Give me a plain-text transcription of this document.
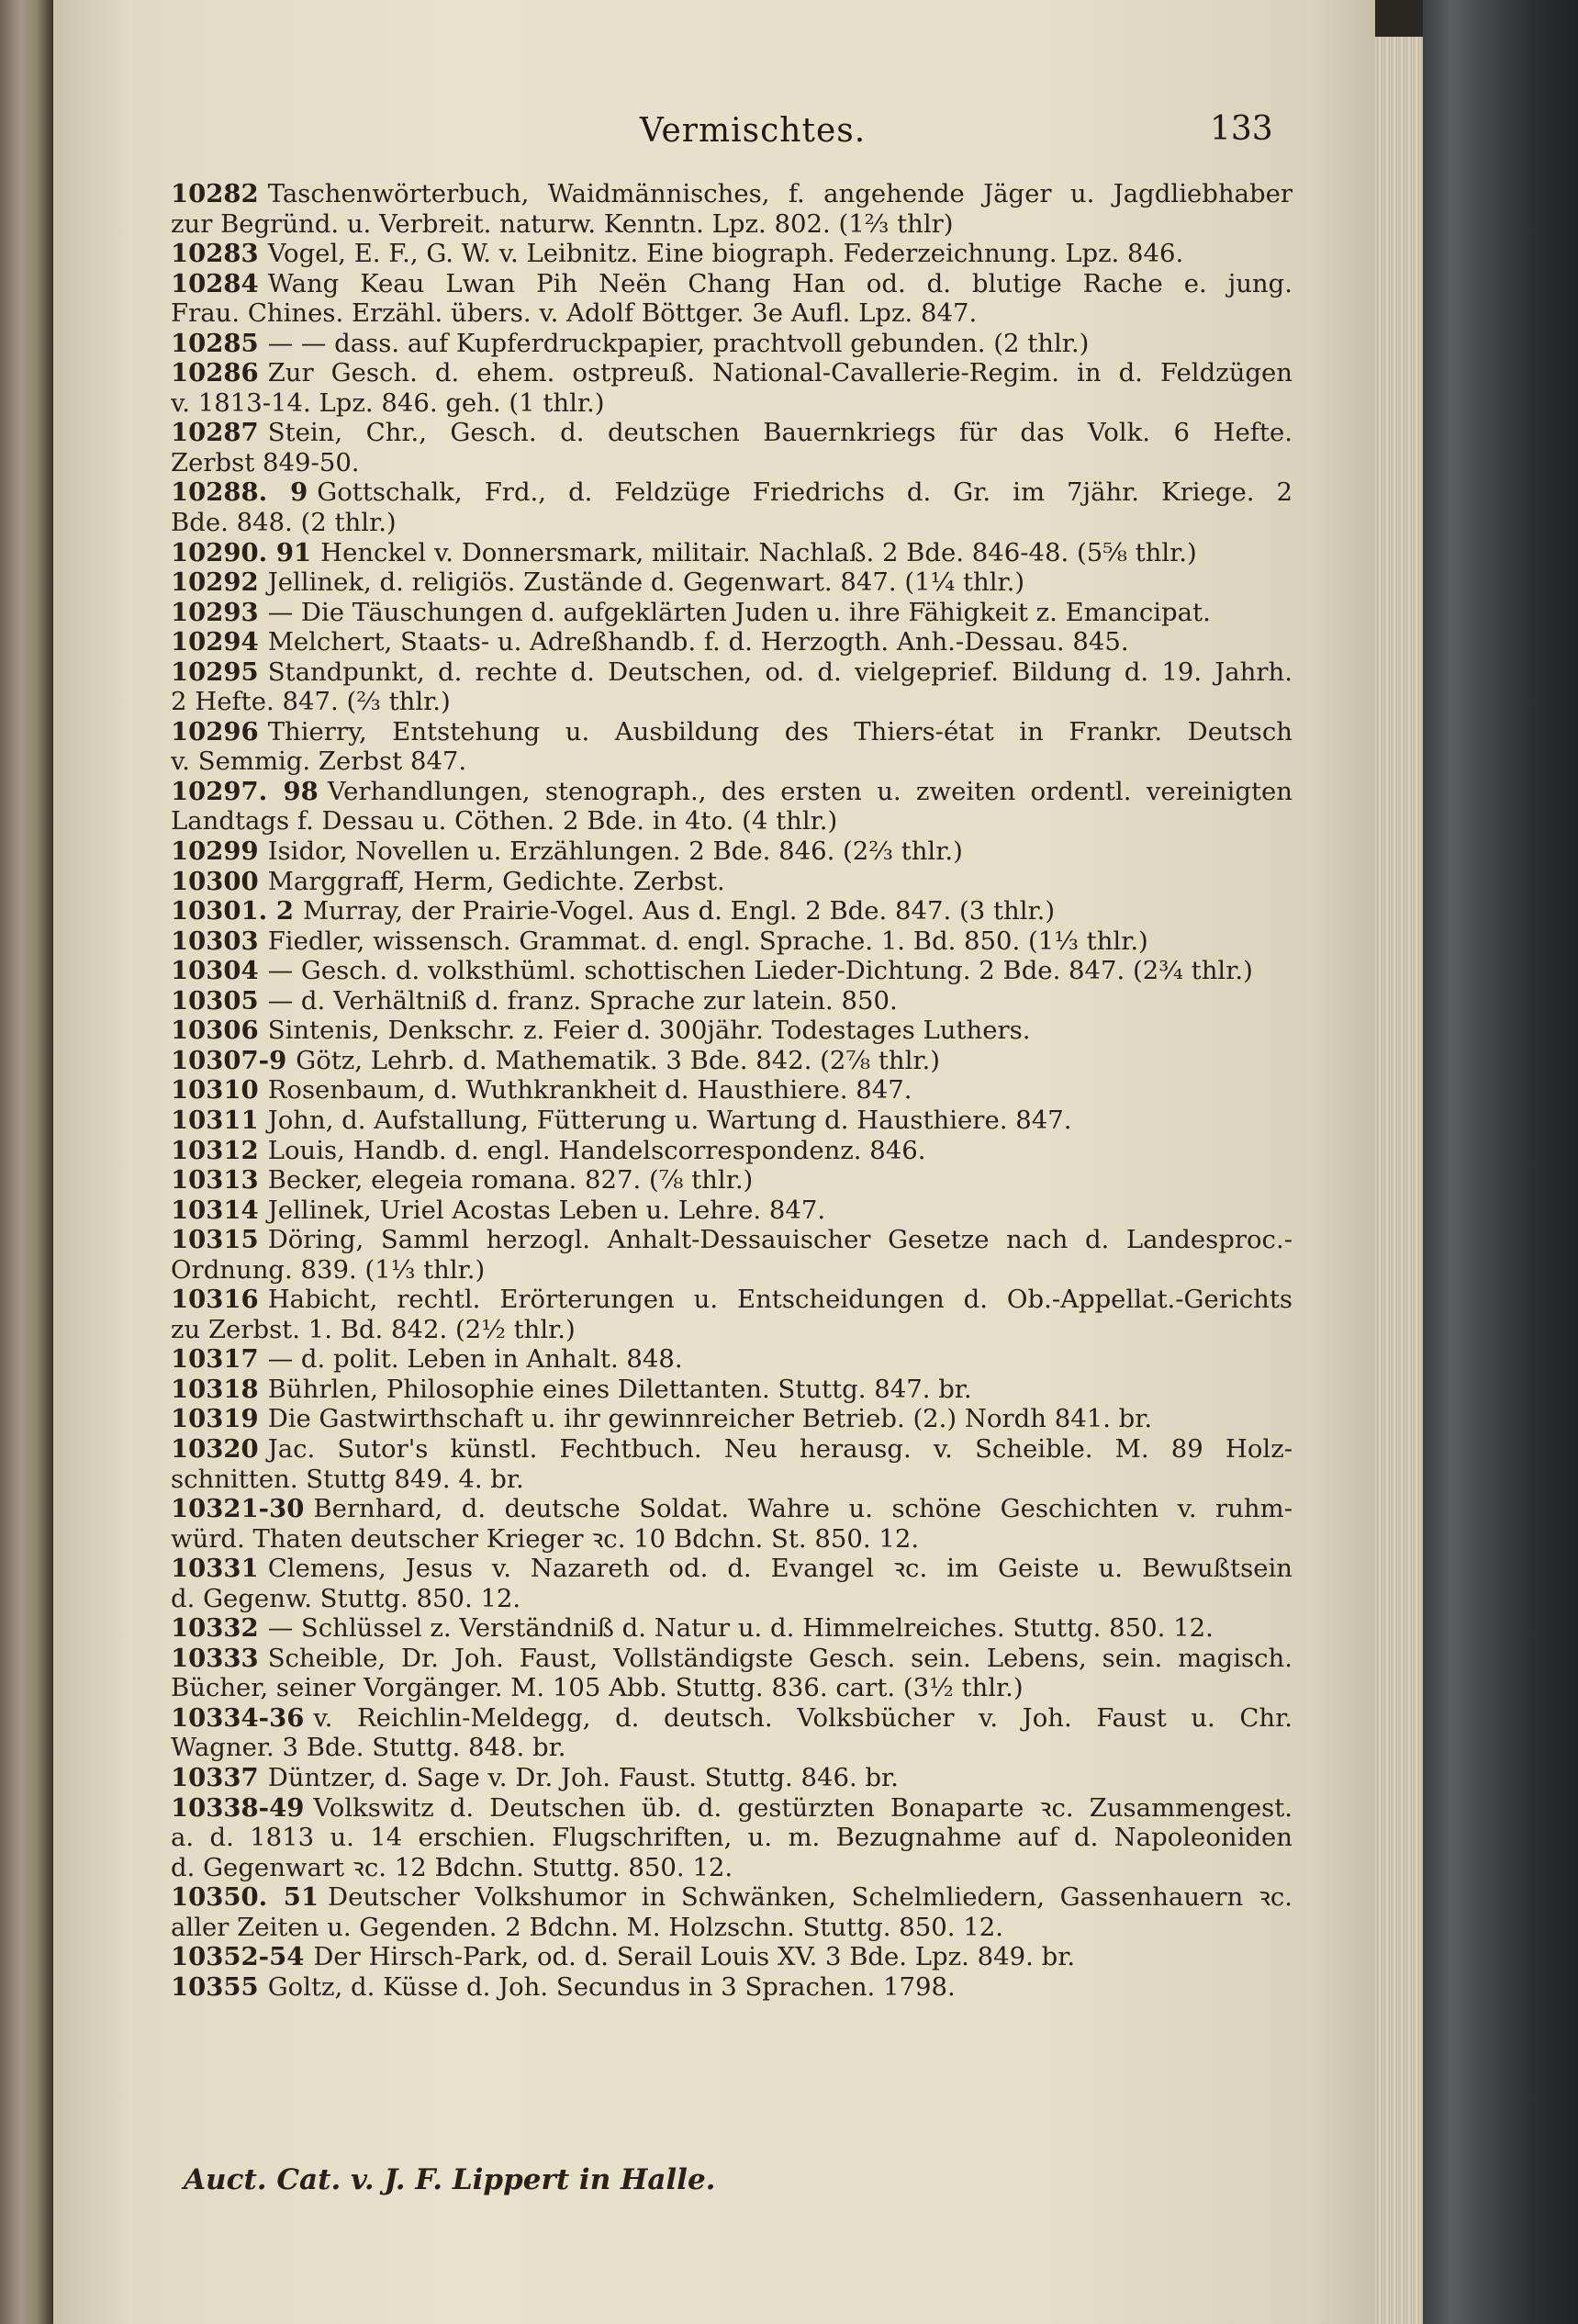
Vermischtes.	133
10282 Taschenwörterbuch, Waidmännisches, f. angehende Jäger u. Jagdliebhaber
zur Begründ. u. Verbreit. naturw. Kenntn. Lpz. 802. (1⅔ thlr)
10283 Vogel, E. F., G. W. v. Leibnitz. Eine biograph. Federzeichnung. Lpz. 846.
10284 Wang Keau Lwan Pih Neën Chang Han od. d. blutige Rache e. jung.
Frau. Chines. Erzähl. übers. v. Adolf Böttger. 3e Aufl. Lpz. 847.
10285 — — dass. auf Kupferdruckpapier, prachtvoll gebunden. (2 thlr.)
10286 Zur Gesch. d. ehem. ostpreuß. National-Cavallerie-Regim. in d. Feldzügen
v. 1813-14. Lpz. 846. geh. (1 thlr.)
10287 Stein, Chr., Gesch. d. deutschen Bauernkriegs für das Volk. 6 Hefte.
Zerbst 849-50.
10288. 9 Gottschalk, Frd., d. Feldzüge Friedrichs d. Gr. im 7jähr. Kriege. 2
Bde. 848. (2 thlr.)
10290. 91 Henckel v. Donnersmark, militair. Nachlaß. 2 Bde. 846-48. (5⅝ thlr.)
10292 Jellinek, d. religiös. Zustände d. Gegenwart. 847. (1¼ thlr.)
10293 — Die Täuschungen d. aufgeklärten Juden u. ihre Fähigkeit z. Emancipat.
10294 Melchert, Staats- u. Adreßhandb. f. d. Herzogth. Anh.-Dessau. 845.
10295 Standpunkt, d. rechte d. Deutschen, od. d. vielgeprief. Bildung d. 19. Jahrh.
2 Hefte. 847. (⅔ thlr.)
10296 Thierry, Entstehung u. Ausbildung des Thiers-état in Frankr. Deutsch
v. Semmig. Zerbst 847.
10297. 98 Verhandlungen, stenograph., des ersten u. zweiten ordentl. vereinigten
Landtags f. Dessau u. Cöthen. 2 Bde. in 4to. (4 thlr.)
10299 Isidor, Novellen u. Erzählungen. 2 Bde. 846. (2⅔ thlr.)
10300 Marggraff, Herm, Gedichte. Zerbst.
10301. 2 Murray, der Prairie-Vogel. Aus d. Engl. 2 Bde. 847. (3 thlr.)
10303 Fiedler, wissensch. Grammat. d. engl. Sprache. 1. Bd. 850. (1⅓ thlr.)
10304 — Gesch. d. volksthüml. schottischen Lieder-Dichtung. 2 Bde. 847. (2¾ thlr.)
10305 — d. Verhältniß d. franz. Sprache zur latein. 850.
10306 Sintenis, Denkschr. z. Feier d. 300jähr. Todestages Luthers.
10307-9 Götz, Lehrb. d. Mathematik. 3 Bde. 842. (2⅞ thlr.)
10310 Rosenbaum, d. Wuthkrankheit d. Hausthiere. 847.
10311 John, d. Aufstallung, Fütterung u. Wartung d. Hausthiere. 847.
10312 Louis, Handb. d. engl. Handelscorrespondenz. 846.
10313 Becker, elegeia romana. 827. (⅞ thlr.)
10314 Jellinek, Uriel Acostas Leben u. Lehre. 847.
10315 Döring, Samml herzogl. Anhalt-Dessauischer Gesetze nach d. Landesproc.-
Ordnung. 839. (1⅓ thlr.)
10316 Habicht, rechtl. Erörterungen u. Entscheidungen d. Ob.-Appellat.-Gerichts
zu Zerbst. 1. Bd. 842. (2½ thlr.)
10317 — d. polit. Leben in Anhalt. 848.
10318 Bührlen, Philosophie eines Dilettanten. Stuttg. 847. br.
10319 Die Gastwirthschaft u. ihr gewinnreicher Betrieb. (2.) Nordh 841. br.
10320 Jac. Sutor's künstl. Fechtbuch. Neu herausg. v. Scheible. M. 89 Holz-
schnitten. Stuttg 849. 4. br.
10321-30 Bernhard, d. deutsche Soldat. Wahre u. schöne Geschichten v. ruhm-
würd. Thaten deutscher Krieger ꝛc. 10 Bdchn. St. 850. 12.
10331 Clemens, Jesus v. Nazareth od. d. Evangel ꝛc. im Geiste u. Bewußtsein
d. Gegenw. Stuttg. 850. 12.
10332 — Schlüssel z. Verständniß d. Natur u. d. Himmelreiches. Stuttg. 850. 12.
10333 Scheible, Dr. Joh. Faust, Vollständigste Gesch. sein. Lebens, sein. magisch.
Bücher, seiner Vorgänger. M. 105 Abb. Stuttg. 836. cart. (3½ thlr.)
10334-36 v. Reichlin-Meldegg, d. deutsch. Volksbücher v. Joh. Faust u. Chr.
Wagner. 3 Bde. Stuttg. 848. br.
10337 Düntzer, d. Sage v. Dr. Joh. Faust. Stuttg. 846. br.
10338-49 Volkswitz d. Deutschen üb. d. gestürzten Bonaparte ꝛc. Zusammengest.
a. d. 1813 u. 14 erschien. Flugschriften, u. m. Bezugnahme auf d. Napoleoniden
d. Gegenwart ꝛc. 12 Bdchn. Stuttg. 850. 12.
10350. 51 Deutscher Volkshumor in Schwänken, Schelmliedern, Gassenhauern ꝛc.
aller Zeiten u. Gegenden. 2 Bdchn. M. Holzschn. Stuttg. 850. 12.
10352-54 Der Hirsch-Park, od. d. Serail Louis XV. 3 Bde. Lpz. 849. br.
10355 Goltz, d. Küsse d. Joh. Secundus in 3 Sprachen. 1798.
Auct. Cat. v. J. F. Lippert in Halle.
